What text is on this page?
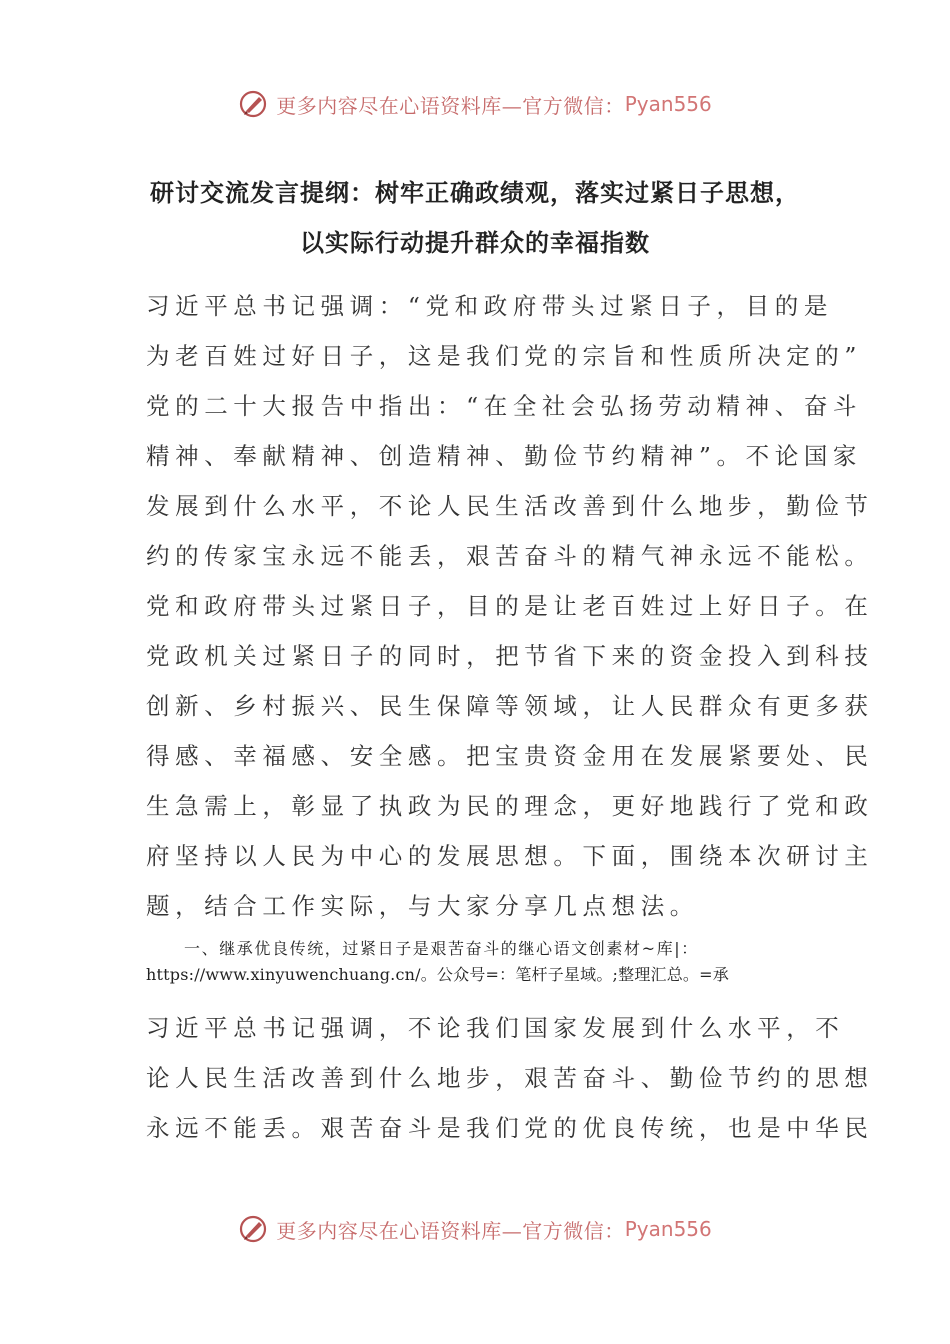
更多内容尽在心语资料库—官方微信： Pyan556
研讨交流发言提纲：树牢正确政绩观，落实过紧日子思想，
以实际行动提升群众的幸福指数
习近平总书记强调：“党和政府带头过紧日子，目的是
为老百姓过好日子，这是我们党的宗旨和性质所决定的”
党的二十大报告中指出：“在全社会弘扬劳动精神、奋斗
精神、奉献精神、创造精神、勤俭节约精神”。不论国家
发展到什么水平，不论人民生活改善到什么地步，勤俭节
约的传家宝永远不能丢，艰苦奋斗的精气神永远不能松。
党和政府带头过紧日子，目的是让老百姓过上好日子。在
党政机关过紧日子的同时，把节省下来的资金投入到科技
创新、乡村振兴、民生保障等领域，让人民群众有更多获
得感、幸福感、安全感。把宝贵资金用在发展紧要处、民
生急需上，彰显了执政为民的理念，更好地践行了党和政
府坚持以人民为中心的发展思想。下面，围绕本次研讨主
题，结合工作实际，与大家分享几点想法。
一、继承优良传统，过紧日子是艰苦奋斗的继心语文创素材~库|：
https://www.xinyuwenchuang.cn/。公众号=：笔杆子星域。;整理汇总。=承
习近平总书记强调，不论我们国家发展到什么水平，不
论人民生活改善到什么地步，艰苦奋斗、勤俭节约的思想
永远不能丢。艰苦奋斗是我们党的优良传统，也是中华民
更多内容尽在心语资料库—官方微信： Pyan556
